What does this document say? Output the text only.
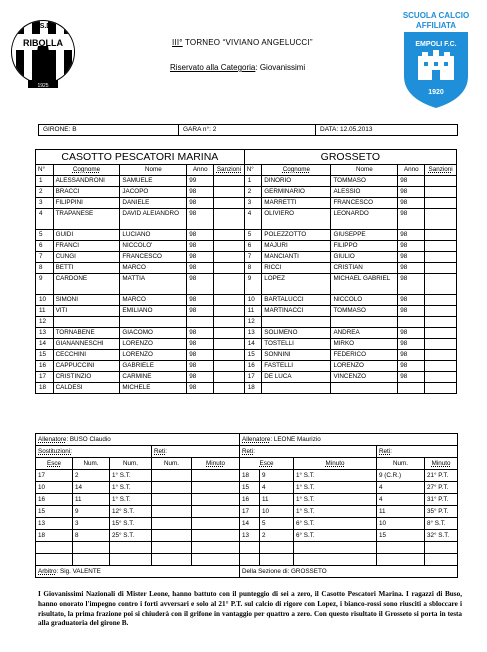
1925
A.S.D.
RIBOLLA
SCUOLA CALCIO
AFFILIATA
EMPOLI F.C.
1920
III° TORNEO “VIVIANO ANGELUCCI”
Riservato alla Categoria: Giovanissimi
GIRONE: B	GARA n°: 2	DATA: 12.05.2013
CASOTTO PESCATORI MARINA					GROSSETO				
N°	Cognome	Nome	Anno	Sanzioni	N°	Cognome	Nome	Anno	Sanzioni
1	ALESSANDRONI	SAMUELE	99		1	DINORIO	TOMMASO	98	
2	BRACCI	JACOPO	98		2	GERMINARIO	ALESSIO	98	
3	FILIPPINI	DANIELE	98		3	MARRETTI	FRANCESCO	98	
4	TRAPANESE	DAVID ALEIANDRO	98		4	OLIVIERO	LEONARDO	98	
5	GUIDI	LUCIANO	98		5	POLEZZOTTO	GIUSEPPE	98	
6	FRANCI	NICCOLO'	98		6	MAJURI	FILIPPO	98	
7	CUNGI	FRANCESCO	98		7	MANCIANTI	GIULIO	98	
8	BETTI	MARCO	98		8	RICCI	CRISTIAN	98	
9	CARDONE	MATTIA	98		9	LOPEZ	MICHAEL GABRIEL	98	
10	SIMONI	MARCO	98		10	BARTALUCCI	NICCOLO	98	
11	VITI	EMILIANO	98		11	MARTINACCI	TOMMASO	98	
12					12				
13	TORNABENE	GIACOMO	98		13	SOLIMENO	ANDREA	98	
14	GIANANNESCHI	LORENZO	98		14	TOSTELLI	MIRKO	98	
15	CECCHINI	LORENZO	98		15	SONNINI	FEDERICO	98	
16	CAPPUCCINI	GABRIELE	98		16	FASTELLI	LORENZO	98	
17	CRISTINZIO	CARMINE	98		17	DE LUCA	VINCENZO	98	
18	CALDESI	MICHELE	98		18				
Allenatore: BUSO Claudio					Allenatore: LEONE Maurizio				
Sostituzioni:			Reti:		Reti:			Reti:	
Esce	Num.	Num.	Num.	Minuto	Esce		Minuto	Num.	Minuto
17	2	1° S.T.			18	9	1° S.T.	9 (C.R.)	21° P.T.
10	14	1° S.T.			15	4	1° S.T.	4	27° P.T.
16	11	1° S.T.			16	11	1° S.T.	4	31° P.T.
15	9	12° S.T.			17	10	1° S.T.	11	35° P.T.
13	3	15° S.T.			14	5	6° S.T.	10	8° S.T.
18	8	25° S.T.			13	2	6° S.T.	15	32° S.T.

Arbitro: Sig. VALENTE					Della Sezione di: GROSSETO				
I Giovanissimi Nazionali di Mister Leone, hanno battuto con il punteggio di sei a zero, il Casotto Pescatori Marina. I ragazzi di Buso, hanno onorato l'impegno contro i forti avversari e solo al 21° P.T. sul calcio di rigore con Lopez, i bianco-rossi sono riusciti a sbloccare i risultato, la prima frazione poi si chiuderà con il grifone in vantaggio per quattro a zero. Con questo risultato il Grosseto si porta in testa alla graduatoria del girone B.
